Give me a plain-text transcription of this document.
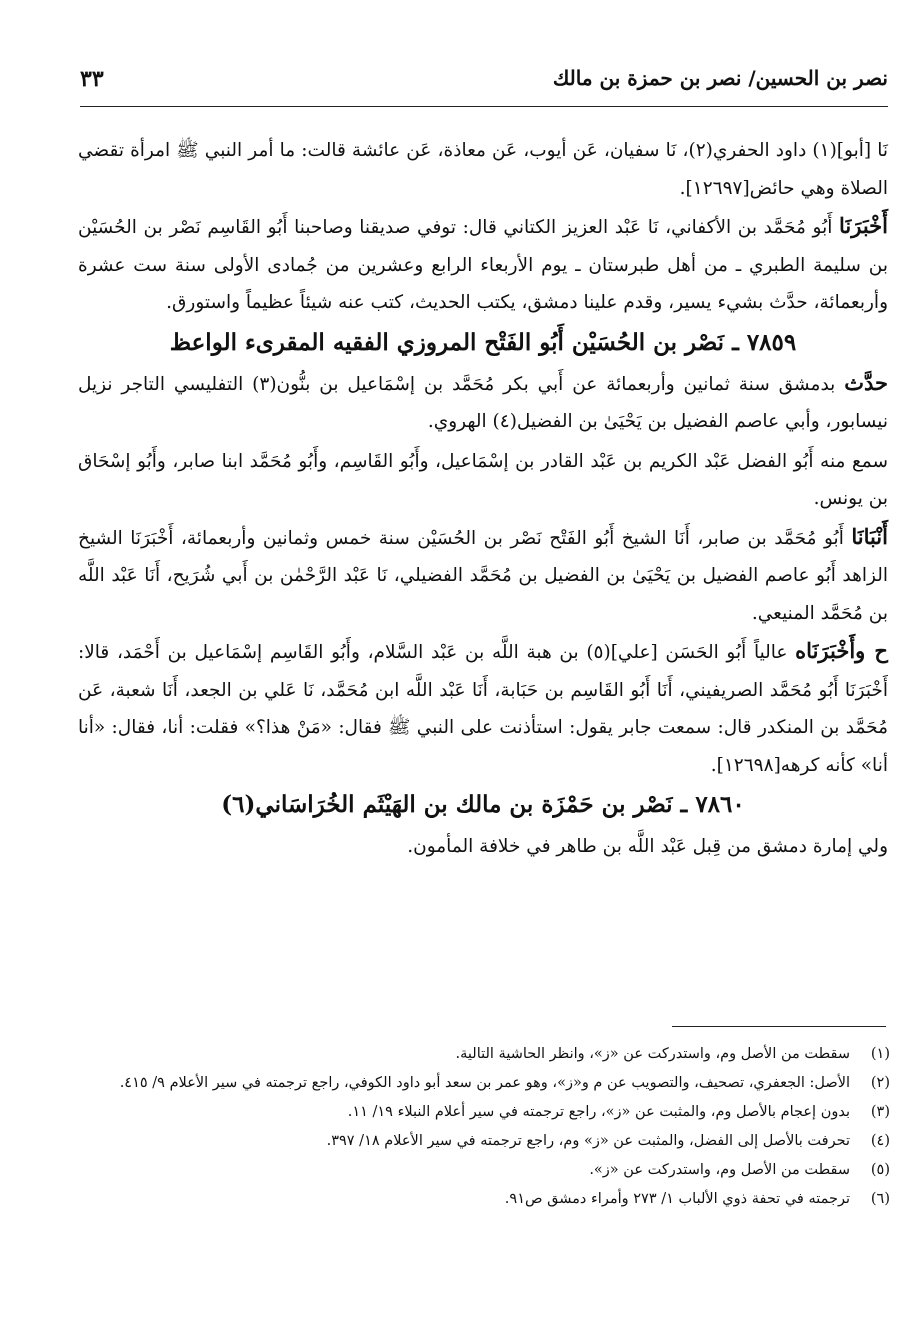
نصر بن الحسين/ نصر بن حمزة بن مالك
٣٣

نَا [أبو](١) داود الحفري(٢)، نَا سفيان، عَن أيوب، عَن معاذة، عَن عائشة قالت: ما أمر النبي ﷺ امرأة تقضي الصلاة وهي حائض[١٢٦٩٧].

أَخْبَرَنَا أَبُو مُحَمَّد بن الأكفاني، نَا عَبْد العزيز الكتاني قال: توفي صديقنا وصاحبنا أَبُو القَاسِم نَصْر بن الحُسَيْن بن سليمة الطبري ـ من أهل طبرستان ـ يوم الأربعاء الرابع وعشرين من جُمادى الأولى سنة ست عشرة وأربعمائة، حدَّث بشيء يسير، وقدم علينا دمشق، يكتب الحديث، كتب عنه شيئاً عظيماً واستورق.

٧٨٥٩ ـ نَصْر بن الحُسَيْن أَبُو الفَتْح المروزي الفقيه المقرىء الواعظ

حدَّث بدمشق سنة ثمانين وأربعمائة عن أَبي بكر مُحَمَّد بن إسْمَاعيل بن بنُّون(٣) التفليسي التاجر نزيل نيسابور، وأبي عاصم الفضيل بن يَحْيَىٰ بن الفضيل(٤) الهروي.

سمع منه أَبُو الفضل عَبْد الكريم بن عَبْد القادر بن إسْمَاعيل، وأَبُو القَاسِم، وأَبُو مُحَمَّد ابنا صابر، وأَبُو إسْحَاق بن يونس.

أَنْبَانَا أَبُو مُحَمَّد بن صابر، أَنَا الشيخ أَبُو الفَتْح نَصْر بن الحُسَيْن سنة خمس وثمانين وأربعمائة، أَخْبَرَنَا الشيخ الزاهد أَبُو عاصم الفضيل بن يَحْيَىٰ بن الفضيل بن مُحَمَّد الفضيلي، نَا عَبْد الرَّحْمٰن بن أَبي شُرَيح، أَنَا عَبْد اللَّه بن مُحَمَّد المنيعي.

ح وأَخْبَرَنَاه عالياً أَبُو الحَسَن [علي](٥) بن هبة اللَّه بن عَبْد السَّلام، وأَبُو القَاسِم إسْمَاعيل بن أَحْمَد، قالا: أَخْبَرَنَا أَبُو مُحَمَّد الصريفيني، أَنَا أَبُو القَاسِم بن حَبَابة، أَنَا عَبْد اللَّه ابن مُحَمَّد، نَا عَلي بن الجعد، أَنَا شعبة، عَن مُحَمَّد بن المنكدر قال: سمعت جابر يقول: استأذنت على النبي ﷺ فقال: «مَنْ هذا؟» فقلت: أنا، فقال: «أنا أنا» كأنه كرهه[١٢٦٩٨].

٧٨٦٠ ـ نَصْر بن حَمْزَة بن مالك بن الهَيْثَم الخُرَاسَاني(٦)

ولي إمارة دمشق من قِبل عَبْد اللَّه بن طاهر في خلافة المأمون.

(١)
سقطت من الأصل وم، واستدركت عن «ز»، وانظر الحاشية التالية.
(٢)
الأصل: الجعفري، تصحيف، والتصويب عن م و«ز»، وهو عمر بن سعد أبو داود الكوفي، راجع ترجمته في سير الأعلام ٩/ ٤١٥.
(٣)
بدون إعجام بالأصل وم، والمثبت عن «ز»، راجع ترجمته في سير أعلام النبلاء ١٩/ ١١.
(٤)
تحرفت بالأصل إلى الفضل، والمثبت عن «ز» وم، راجع ترجمته في سير الأعلام ١٨/ ٣٩٧.
(٥)
سقطت من الأصل وم، واستدركت عن «ز».
(٦)
ترجمته في تحفة ذوي الألباب ١/ ٢٧٣ وأمراء دمشق ص٩١.
